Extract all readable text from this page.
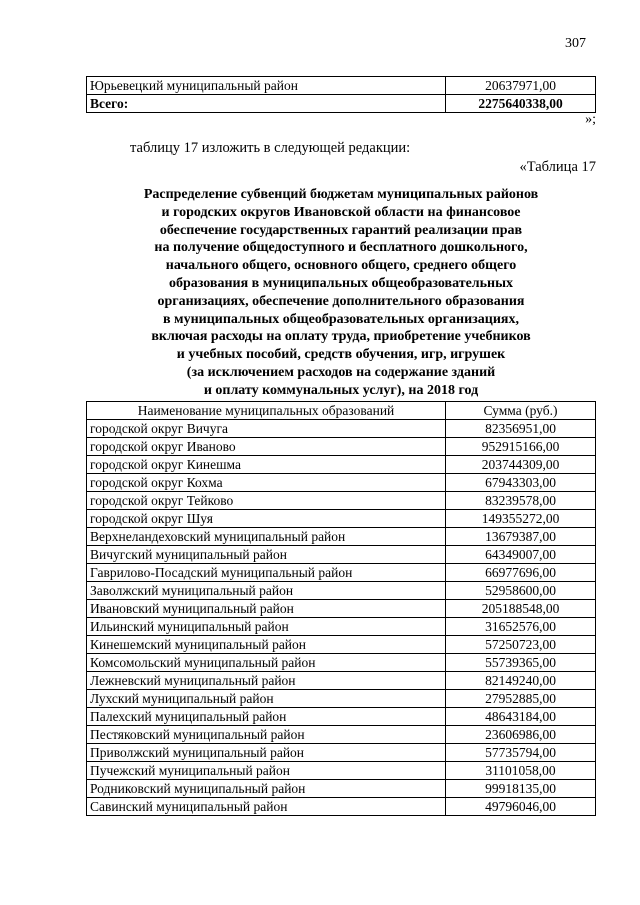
307
Юрьевецкий муниципальный район	20637971,00
Всего:	2275640338,00
»;
таблицу 17 изложить в следующей редакции:
«Таблица 17
Распределение субвенций бюджетам муниципальных районов
и городских округов Ивановской области на финансовое
обеспечение государственных гарантий реализации прав
на получение общедоступного и бесплатного дошкольного,
начального общего, основного общего, среднего общего
образования в муниципальных общеобразовательных
организациях, обеспечение дополнительного образования
в муниципальных общеобразовательных организациях,
включая расходы на оплату труда, приобретение учебников
и учебных пособий, средств обучения, игр, игрушек
(за исключением расходов на содержание зданий
и оплату коммунальных услуг), на 2018 год
Наименование муниципальных образований	Сумма (руб.)
городской округ Вичуга	82356951,00
городской округ Иваново	952915166,00
городской округ Кинешма	203744309,00
городской округ Кохма	67943303,00
городской округ Тейково	83239578,00
городской округ Шуя	149355272,00
Верхнеландеховский муниципальный район	13679387,00
Вичугский муниципальный район	64349007,00
Гаврилово-Посадский муниципальный район	66977696,00
Заволжский муниципальный район	52958600,00
Ивановский муниципальный район	205188548,00
Ильинский муниципальный район	31652576,00
Кинешемский муниципальный район	57250723,00
Комсомольский муниципальный район	55739365,00
Лежневский муниципальный район	82149240,00
Лухский муниципальный район	27952885,00
Палехский муниципальный район	48643184,00
Пестяковский муниципальный район	23606986,00
Приволжский муниципальный район	57735794,00
Пучежский муниципальный район	31101058,00
Родниковский муниципальный район	99918135,00
Савинский муниципальный район	49796046,00
